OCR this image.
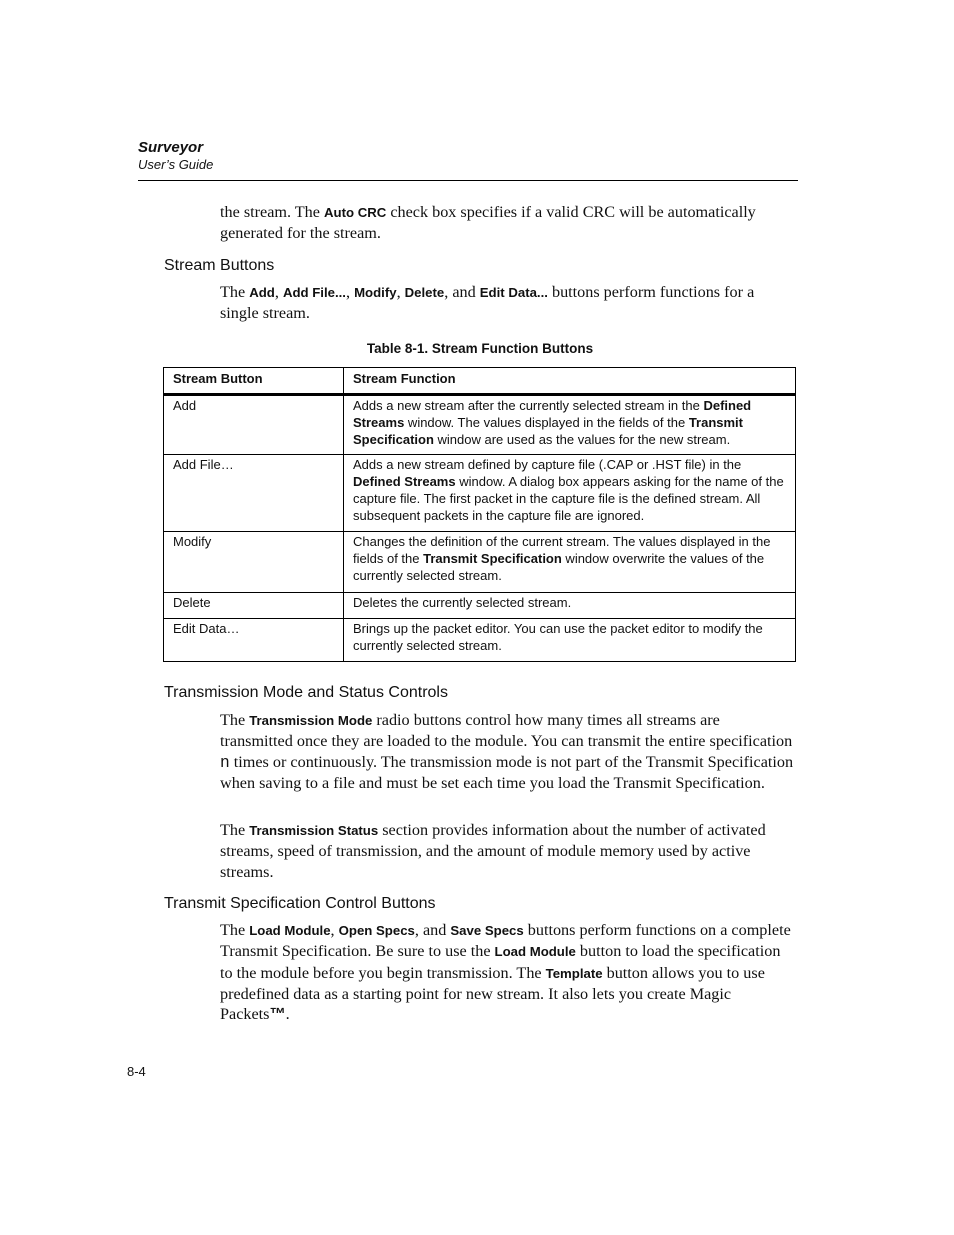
Surveyor
User’s Guide

the stream. The Auto CRC check box specifies if a valid CRC will be automatically generated for the stream.

Stream Buttons

The Add, Add File..., Modify, Delete, and Edit Data... buttons perform functions for a single stream.

Table 8-1. Stream Function Buttons
Stream Button	Stream Function
Add	Adds a new stream after the currently selected stream in the Defined Streams window. The values displayed in the fields of the Transmit Specification window are used as the values for the new stream.
Add File…	Adds a new stream defined by capture file (.CAP or .HST file) in the Defined Streams window. A dialog box appears asking for the name of the capture file. The first packet in the capture file is the defined stream. All subsequent packets in the capture file are ignored.
Modify	Changes the definition of the current stream. The values displayed in the fields of the Transmit Specification window overwrite the values of the currently selected stream.
Delete	Deletes the currently selected stream.
Edit Data…	Brings up the packet editor. You can use the packet editor to modify the currently selected stream.
Transmission Mode and Status Controls

The Transmission Mode radio buttons control how many times all streams are transmitted once they are loaded to the module. You can transmit the entire specification n times or continuously. The transmission mode is not part of the Transmit Specification when saving to a file and must be set each time you load the Transmit Specification.

The Transmission Status section provides information about the number of activated streams, speed of transmission, and the amount of module memory used by active streams.

Transmit Specification Control Buttons

The Load Module, Open Specs, and Save Specs buttons perform functions on a complete Transmit Specification. Be sure to use the Load Module button to load the specification to the module before you begin transmission. The Template button allows you to use predefined data as a starting point for new stream. It also lets you create Magic Packets™.

8-4
